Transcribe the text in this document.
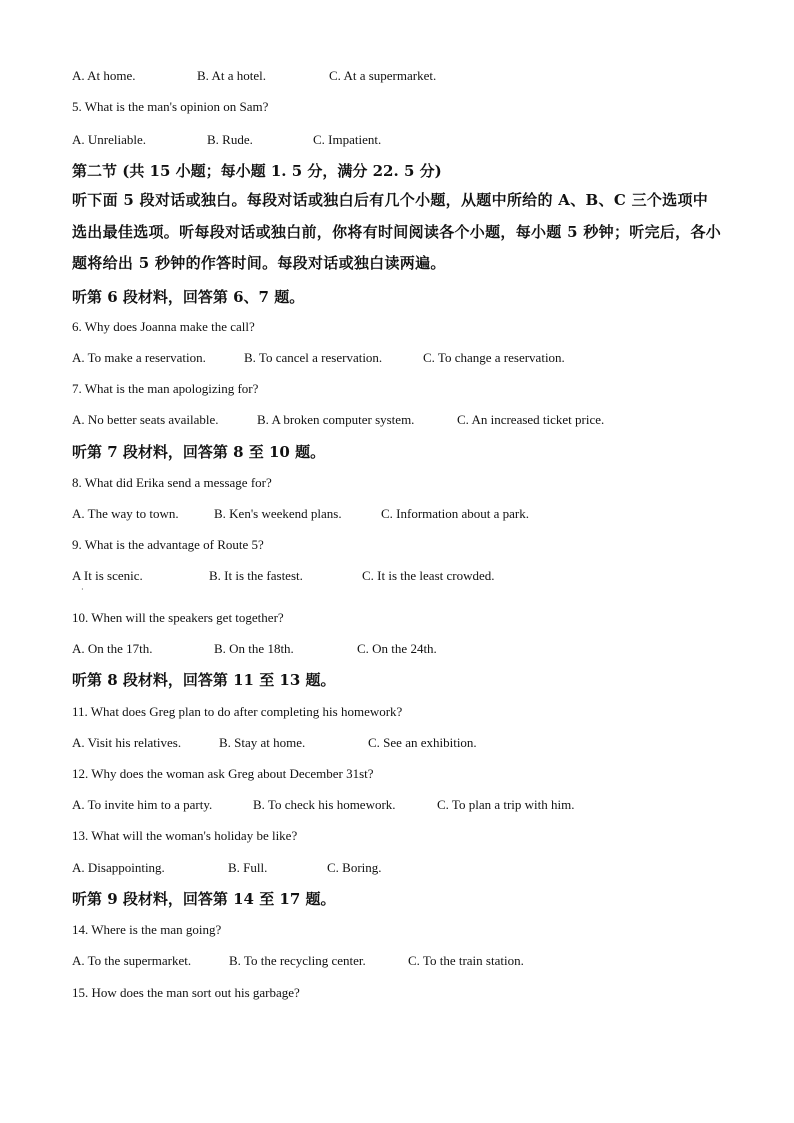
A. At home.	B. At a hotel.	C. At a supermarket.
5. What is the man's opinion on Sam?
A. Unreliable.	B. Rude.	C. Impatient.
第二节 (共 15 小题；每小题 1. 5 分，满分 22. 5 分)
听下面 5 段对话或独白。每段对话或独白后有几个小题，从题中所给的 A、B、C 三个选项中选出最佳选项。听每段对话或独白前，你将有时间阅读各个小题，每小题 5 秒钟；听完后，各小题将给出 5 秒钟的作答时间。每段对话或独白读两遍。
听第 6 段材料，回答第 6、7 题。
6. Why does Joanna make the call?
A. To make a reservation.	B. To cancel a reservation.	C. To change a reservation.
7. What is the man apologizing for?
A. No better seats available.	B. A broken computer system.	C. An increased ticket price.
听第 7 段材料，回答第 8 至 10 题。
8. What did Erika send a message for?
A. The way to town.	B. Ken's weekend plans.	C. Information about a park.
9. What is the advantage of Route 5?
A It is scenic.	B. It is the fastest.	C. It is the least crowded.
·
10. When will the speakers get together?
A. On the 17th.	B. On the 18th.	C. On the 24th.
听第 8 段材料，回答第 11 至 13 题。
11. What does Greg plan to do after completing his homework?
A. Visit his relatives.	B. Stay at home.	C. See an exhibition.
12. Why does the woman ask Greg about December 31st?
A. To invite him to a party.	B. To check his homework.	C. To plan a trip with him.
13. What will the woman's holiday be like?
A. Disappointing.	B. Full.	C. Boring.
听第 9 段材料，回答第 14 至 17 题。
14. Where is the man going?
A. To the supermarket.	B. To the recycling center.	C. To the train station.
15. How does the man sort out his garbage?
